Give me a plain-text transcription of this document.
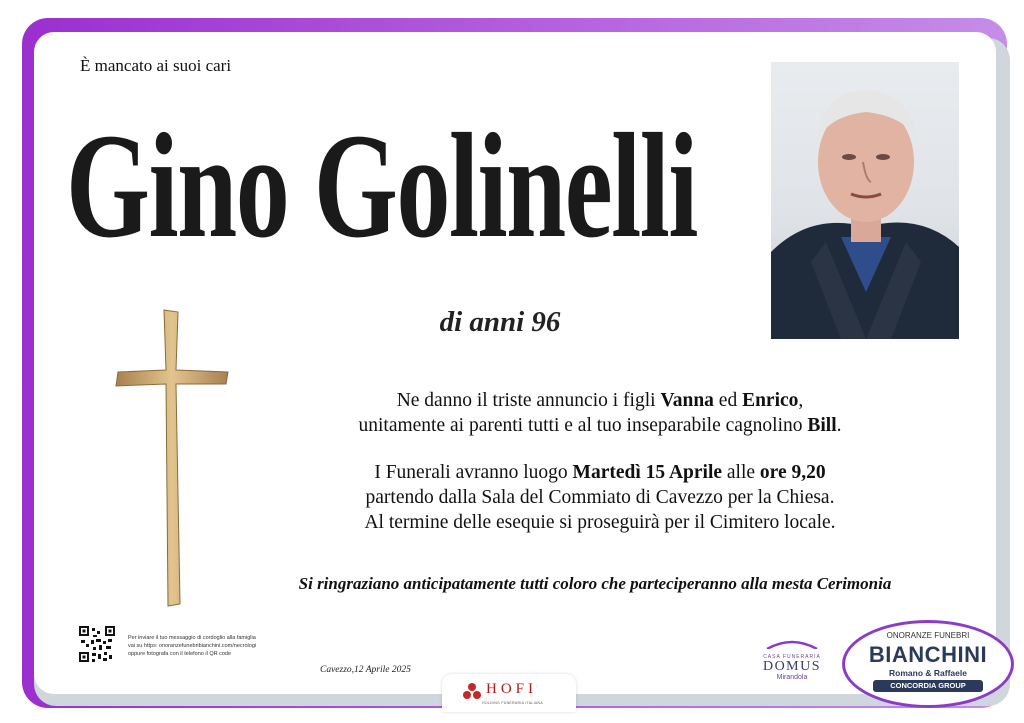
È mancato ai suoi cari
Gino Golinelli
di anni 96
Ne danno il triste annuncio i figli Vanna ed Enrico,
unitamente ai parenti tutti e al tuo inseparabile cagnolino Bill.
I Funerali avranno luogo Martedì 15 Aprile alle ore 9,20
partendo dalla Sala del Commiato di Cavezzo per la Chiesa.
Al termine delle esequie si proseguirà per il Cimitero locale.
Si ringraziano anticipatamente tutti coloro che parteciperanno alla mesta Cerimonia
Per inviare il tuo messaggio di cordoglio alla famiglia
vai su https: onoranzefunebribianchini.com/necrologi
oppure fotografa con il telefono il QR code
Cavezzo,12 Aprile 2025
HOFI
HOLDING FUNERARIA ITALIANA
CASA FUNERARIA
DOMUS
Mirandola
ONORANZE FUNEBRI
BIANCHINI
Romano & Raffaele
CONCORDIA GROUP
